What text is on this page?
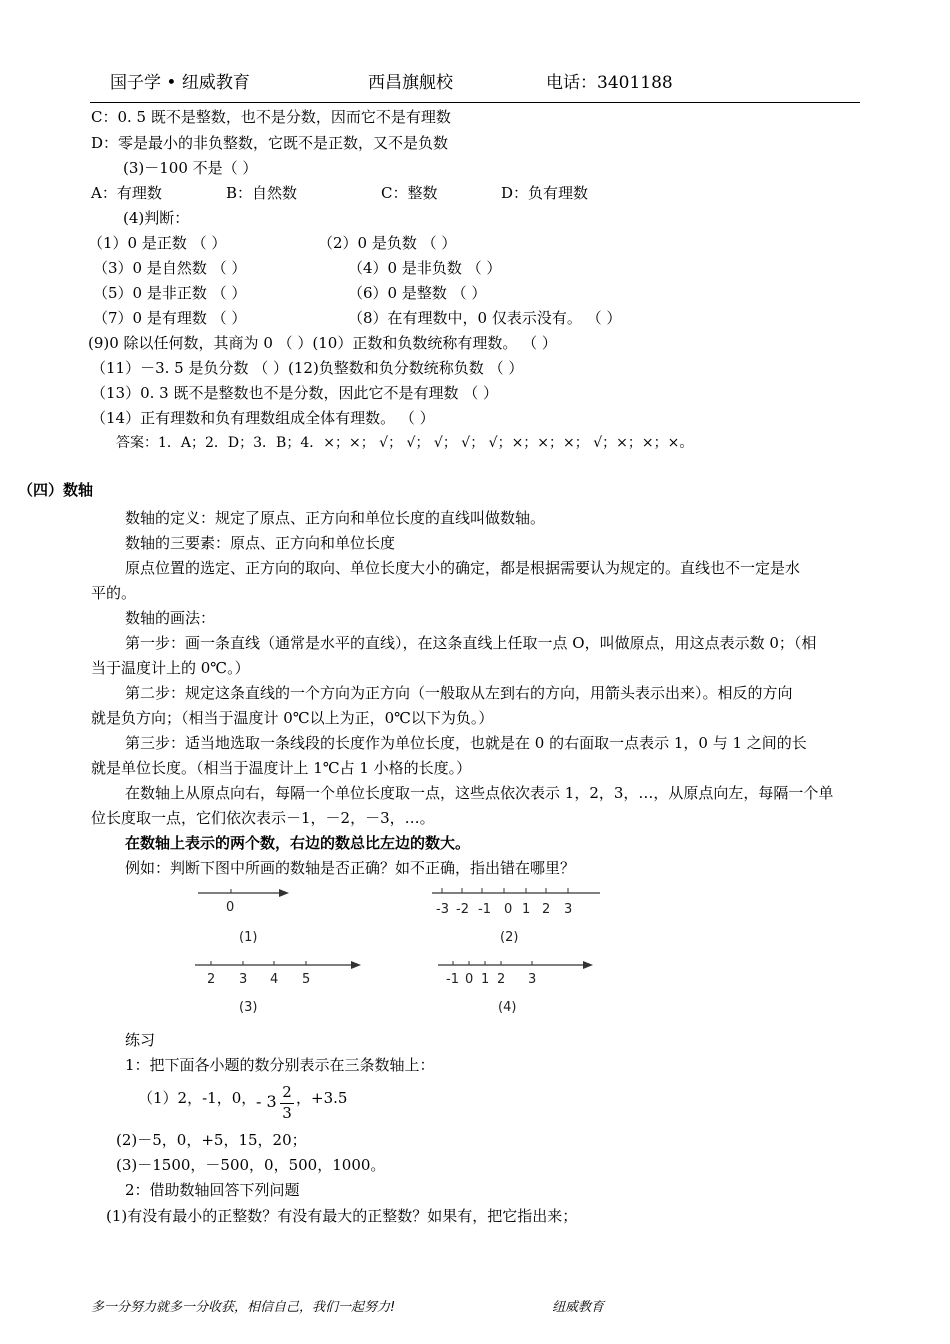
国子学 • 纽威教育	西昌旗舰校	电话：3401188
C：0. 5 既不是整数，也不是分数，因而它不是有理数
D：零是最小的非负整数，它既不是正数，又不是负数
(3)－100 不是（ ）
A：有理数	B：自然数	C：整数	D：负有理数
(4)判断：
（1）0 是正数 （ ）	（2）0 是负数 （ ）
（3）0 是自然数 （ ）	（4）0 是非负数 （ ）
（5）0 是非正数 （ ）	（6）0 是整数 （ ）
（7）0 是有理数 （ ）	（8）在有理数中，0 仅表示没有。 （ ）
(9)0 除以任何数，其商为 0 （ ）(10）正数和负数统称有理数。 （ ）
（11）－3. 5 是负分数 （ ）(12)负整数和负分数统称负数 （ ）
（13）0. 3 既不是整数也不是分数，因此它不是有理数 （ ）
（14）正有理数和负有理数组成全体有理数。 （ ）
答案：1．A；2．D；3．B；4．×；×； √； √； √； √； √；×；×；×； √；×；×；×。
（四）数轴
数轴的定义：规定了原点、正方向和单位长度的直线叫做数轴。
数轴的三要素：原点、正方向和单位长度
原点位置的选定、正方向的取向、单位长度大小的确定，都是根据需要认为规定的。直线也不一定是水
平的。
数轴的画法：
第一步：画一条直线（通常是水平的直线），在这条直线上任取一点 O，叫做原点，用这点表示数 0；（相
当于温度计上的 0℃。）
第二步：规定这条直线的一个方向为正方向（一般取从左到右的方向，用箭头表示出来）。相反的方向
就是负方向；（相当于温度计 0℃以上为正，0℃以下为负。）
第三步：适当地选取一条线段的长度作为单位长度，也就是在 0 的右面取一点表示 1，0 与 1 之间的长
就是单位长度。（相当于温度计上 1℃占 1 小格的长度。）
在数轴上从原点向右，每隔一个单位长度取一点，这些点依次表示 1，2，3，…，从原点向左，每隔一个单
位长度取一点，它们依次表示－1，－2，－3，…。
在数轴上表示的两个数，右边的数总比左边的数大。
例如：判断下图中所画的数轴是否正确？如不正确，指出错在哪里？
0
(1)
-3 -2 -1 0 1 2 3
(2)
2 3 4 5
(3)
-1 0 1 2 3
(4)
练习
1：把下面各小题的数分别表示在三条数轴上：
（1）2，-1，0， - 3 2
3
，+3.5
(2)－5，0，+5，15，20；
(3)－1500，－500，0，500，1000。
2：借助数轴回答下列问题
(1)有没有最小的正整数？有没有最大的正整数？如果有，把它指出来；
多一分努力就多一分收获，相信自己，我们一起努力!	纽威教育
